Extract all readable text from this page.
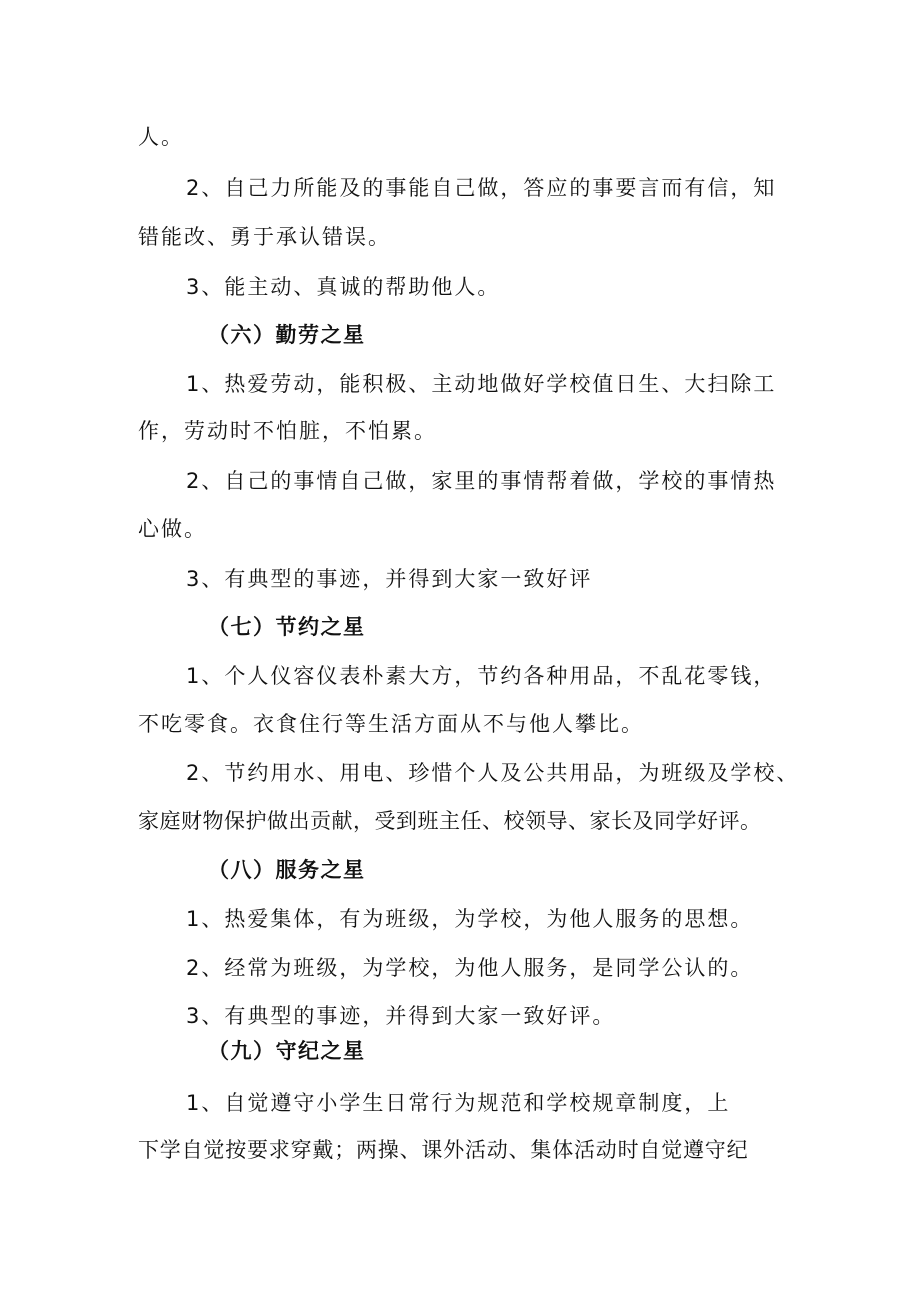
人。
2、自己力所能及的事能自己做，答应的事要言而有信，知
错能改、勇于承认错误。
3、能主动、真诚的帮助他人。
（六）勤劳之星
1、热爱劳动，能积极、主动地做好学校值日生、大扫除工
作，劳动时不怕脏，不怕累。
2、自己的事情自己做，家里的事情帮着做，学校的事情热
心做。
3、有典型的事迹，并得到大家一致好评
（七）节约之星
1、个人仪容仪表朴素大方，节约各种用品，不乱花零钱，
不吃零食。衣食住行等生活方面从不与他人攀比。
2、节约用水、用电、珍惜个人及公共用品，为班级及学校、
家庭财物保护做出贡献，受到班主任、校领导、家长及同学好评。
（八）服务之星
1、热爱集体，有为班级，为学校，为他人服务的思想。
2、经常为班级，为学校，为他人服务，是同学公认的。
3、有典型的事迹，并得到大家一致好评。
（九）守纪之星
1、自觉遵守小学生日常行为规范和学校规章制度，上
下学自觉按要求穿戴；两操、课外活动、集体活动时自觉遵守纪
